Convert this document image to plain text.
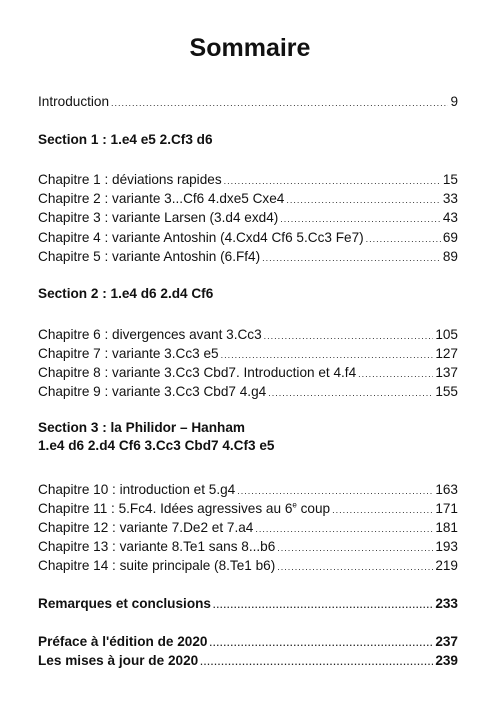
Sommaire
Introduction .....	9
Section 1 : 1.e4 e5 2.Cf3 d6
Chapitre 1 : déviations rapides .....	15
Chapitre 2 : variante 3...Cf6 4.dxe5 Cxe4 .....	33
Chapitre 3 : variante Larsen (3.d4 exd4) .....	43
Chapitre 4 : variante Antoshin (4.Cxd4 Cf6 5.Cc3 Fe7) .....	69
Chapitre 5 : variante Antoshin (6.Ff4) .....	89
Section 2 : 1.e4 d6 2.d4 Cf6
Chapitre 6 : divergences avant 3.Cc3 .....	105
Chapitre 7 : variante 3.Cc3 e5 .....	127
Chapitre 8 : variante 3.Cc3 Cbd7. Introduction et 4.f4 .....	137
Chapitre 9 : variante 3.Cc3 Cbd7 4.g4 .....	155
Section 3 : la Philidor – Hanham
1.e4 d6 2.d4 Cf6 3.Cc3 Cbd7 4.Cf3 e5
Chapitre 10 : introduction et 5.g4 .....	163
Chapitre 11 : 5.Fc4. Idées agressives au 6e coup .....	171
Chapitre 12 : variante 7.De2 et 7.a4 .....	181
Chapitre 13 : variante 8.Te1 sans 8...b6 .....	193
Chapitre 14 : suite principale (8.Te1 b6) .....	219
Remarques et conclusions .....	233
Préface à l'édition de 2020 .....	237
Les mises à jour de 2020 .....	239
